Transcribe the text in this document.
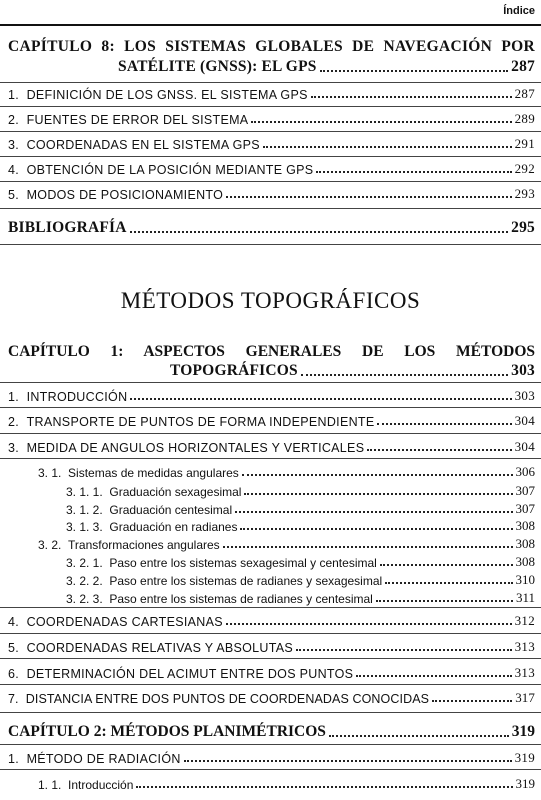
Índice
CAPÍTULO 8: LOS SISTEMAS GLOBALES DE NAVEGACIÓN POR
SATÉLITE (GNSS): EL GPS	287
1. DEFINICIÓN DE LOS GNSS. EL SISTEMA GPS	287
2. FUENTES DE ERROR DEL SISTEMA	289
3. COORDENADAS EN EL SISTEMA GPS	291
4. OBTENCIÓN DE LA POSICIÓN MEDIANTE GPS	292
5. MODOS DE POSICIONAMIENTO	293
BIBLIOGRAFÍA	295
MÉTODOS TOPOGRÁFICOS
CAPÍTULO 1: ASPECTOS GENERALES DE LOS MÉTODOS
TOPOGRÁFICOS	303
1. INTRODUCCIÓN	303
2. TRANSPORTE DE PUNTOS DE FORMA INDEPENDIENTE	304
3. MEDIDA DE ANGULOS HORIZONTALES Y VERTICALES	304
3. 1. Sistemas de medidas angulares	306
3. 1. 1. Graduación sexagesimal	307
3. 1. 2. Graduación centesimal	307
3. 1. 3. Graduación en radianes	308
3. 2. Transformaciones angulares	308
3. 2. 1. Paso entre los sistemas sexagesimal y centesimal	308
3. 2. 2. Paso entre los sistemas de radianes y sexagesimal	310
3. 2. 3. Paso entre los sistemas de radianes y centesimal	311
4. COORDENADAS CARTESIANAS	312
5. COORDENADAS RELATIVAS Y ABSOLUTAS	313
6. DETERMINACIÓN DEL ACIMUT ENTRE DOS PUNTOS	313
7. DISTANCIA ENTRE DOS PUNTOS DE COORDENADAS CONOCIDAS	317
CAPÍTULO 2: MÉTODOS PLANIMÉTRICOS	319
1. MÉTODO DE RADIACIÓN	319
1. 1. Introducción	319
